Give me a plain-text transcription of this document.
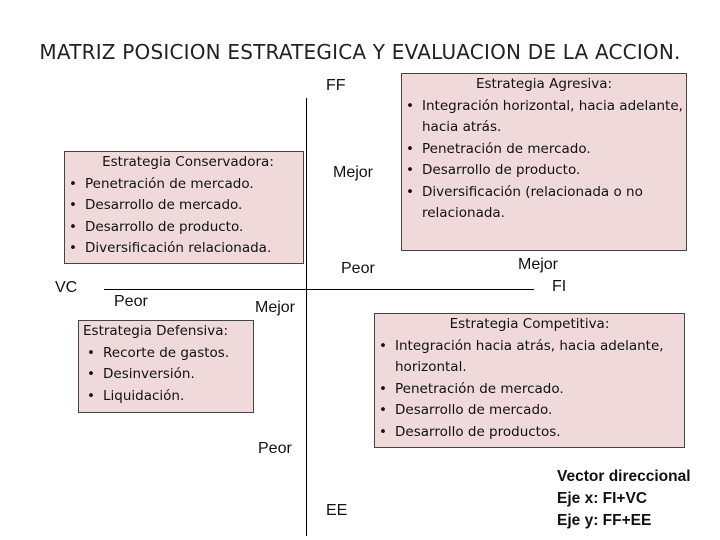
MATRIZ POSICION ESTRATEGICA Y EVALUACION DE LA ACCION.
FF
EE
VC	FI
Mejor
Peor	Mejor
Peor	Mejor
Peor
Estrategia Agresiva:
• Integración horizontal, hacia adelante, hacia atrás.
• Penetración de mercado.
• Desarrollo de producto.
• Diversificación (relacionada o no relacionada.
Estrategia Conservadora:
• Penetración de mercado.
• Desarrollo de mercado.
• Desarrollo de producto.
• Diversificación relacionada.
Estrategia Defensiva:
• Recorte de gastos.
• Desinversión.
• Liquidación.
Estrategia Competitiva:
• Integración hacia atrás, hacia adelante, horizontal.
• Penetración de mercado.
• Desarrollo de mercado.
• Desarrollo de productos.
Vector direccional
Eje x: FI+VC
Eje y: FF+EE
